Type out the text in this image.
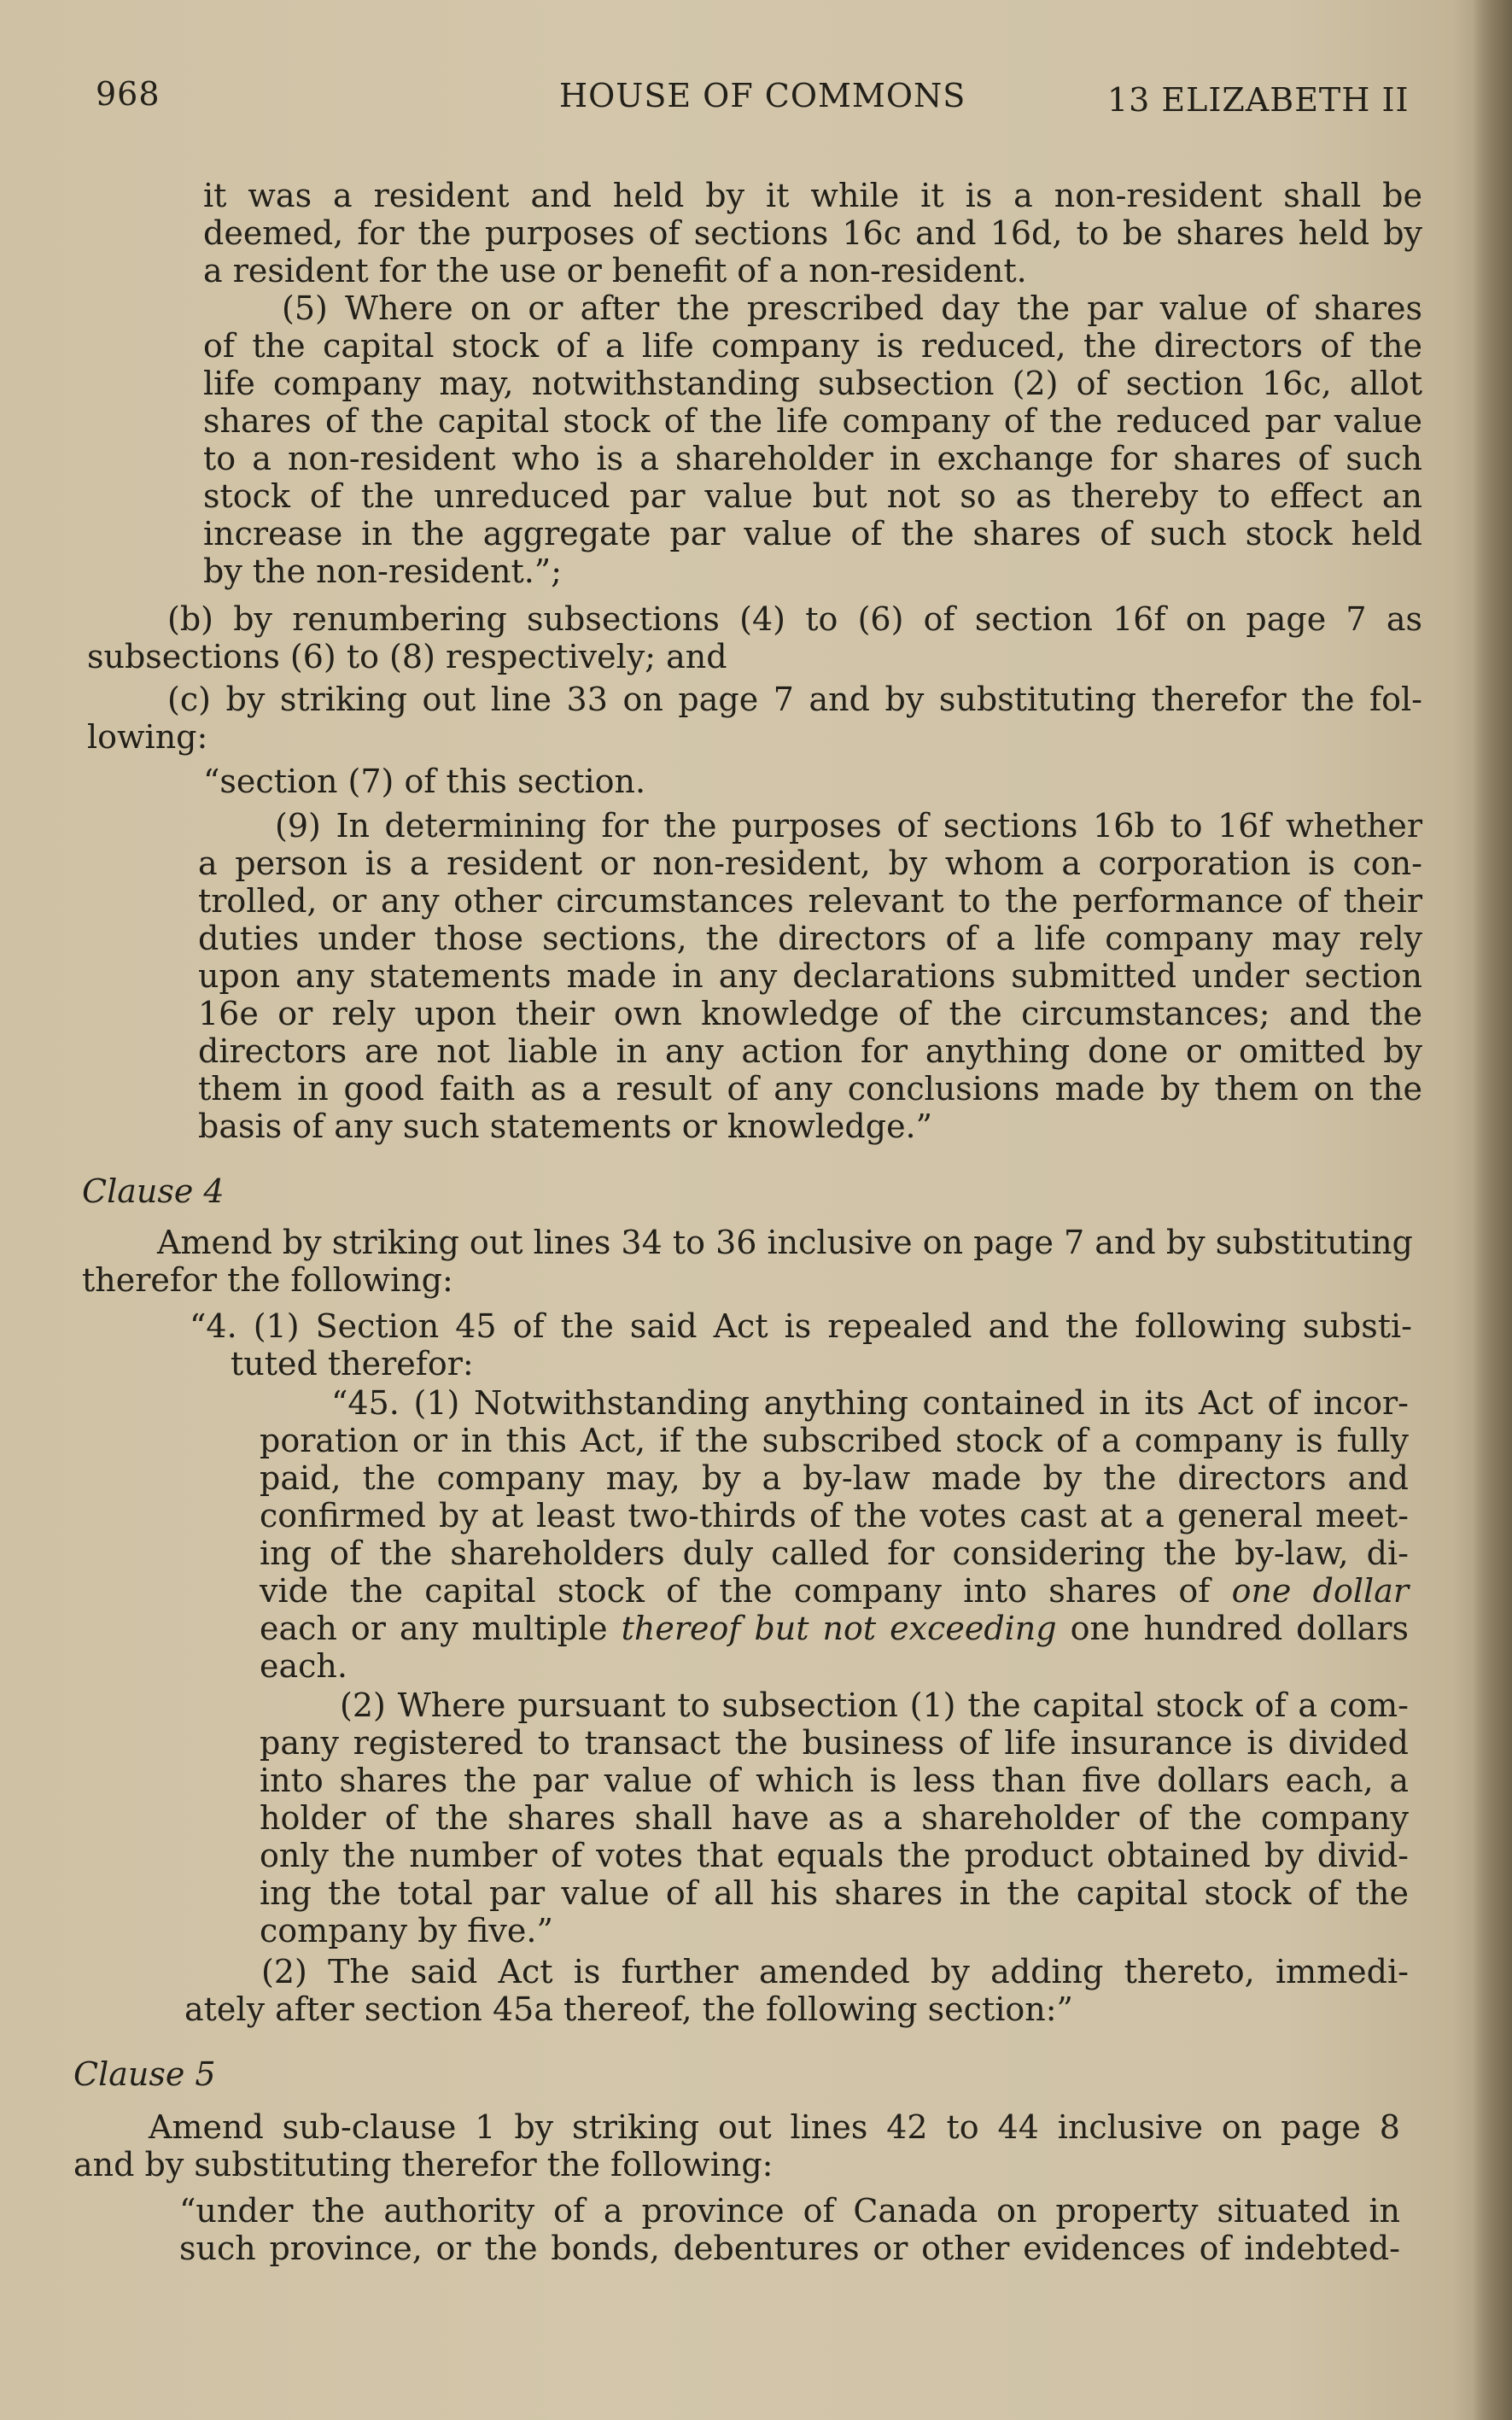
968	HOUSE OF COMMONS	13 ELIZABETH II
it was a resident and held by it while it is a non-resident shall be
deemed, for the purposes of sections 16c and 16d, to be shares held by
a resident for the use or benefit of a non-resident.
(5) Where on or after the prescribed day the par value of shares
of the capital stock of a life company is reduced, the directors of the
life company may, notwithstanding subsection (2) of section 16c, allot
shares of the capital stock of the life company of the reduced par value
to a non-resident who is a shareholder in exchange for shares of such
stock of the unreduced par value but not so as thereby to effect an
increase in the aggregate par value of the shares of such stock held
by the non-resident.”;
(b) by renumbering subsections (4) to (6) of section 16f on page 7 as
subsections (6) to (8) respectively; and
(c) by striking out line 33 on page 7 and by substituting therefor the fol-
lowing:
“section (7) of this section.
(9) In determining for the purposes of sections 16b to 16f whether
a person is a resident or non-resident, by whom a corporation is con-
trolled, or any other circumstances relevant to the performance of their
duties under those sections, the directors of a life company may rely
upon any statements made in any declarations submitted under section
16e or rely upon their own knowledge of the circumstances; and the
directors are not liable in any action for anything done or omitted by
them in good faith as a result of any conclusions made by them on the
basis of any such statements or knowledge.”
Clause 4
Amend by striking out lines 34 to 36 inclusive on page 7 and by substituting
therefor the following:
“4. (1) Section 45 of the said Act is repealed and the following substi-
tuted therefor:
“45. (1) Notwithstanding anything contained in its Act of incor-
poration or in this Act, if the subscribed stock of a company is fully
paid, the company may, by a by-law made by the directors and
confirmed by at least two-thirds of the votes cast at a general meet-
ing of the shareholders duly called for considering the by-law, di-
vide the capital stock of the company into shares of one dollar
each or any multiple thereof but not exceeding one hundred dollars
each.
(2) Where pursuant to subsection (1) the capital stock of a com-
pany registered to transact the business of life insurance is divided
into shares the par value of which is less than five dollars each, a
holder of the shares shall have as a shareholder of the company
only the number of votes that equals the product obtained by divid-
ing the total par value of all his shares in the capital stock of the
company by five.”
(2) The said Act is further amended by adding thereto, immedi-
ately after section 45a thereof, the following section:”
Clause 5
Amend sub-clause 1 by striking out lines 42 to 44 inclusive on page 8
and by substituting therefor the following:
“under the authority of a province of Canada on property situated in
such province, or the bonds, debentures or other evidences of indebted-
